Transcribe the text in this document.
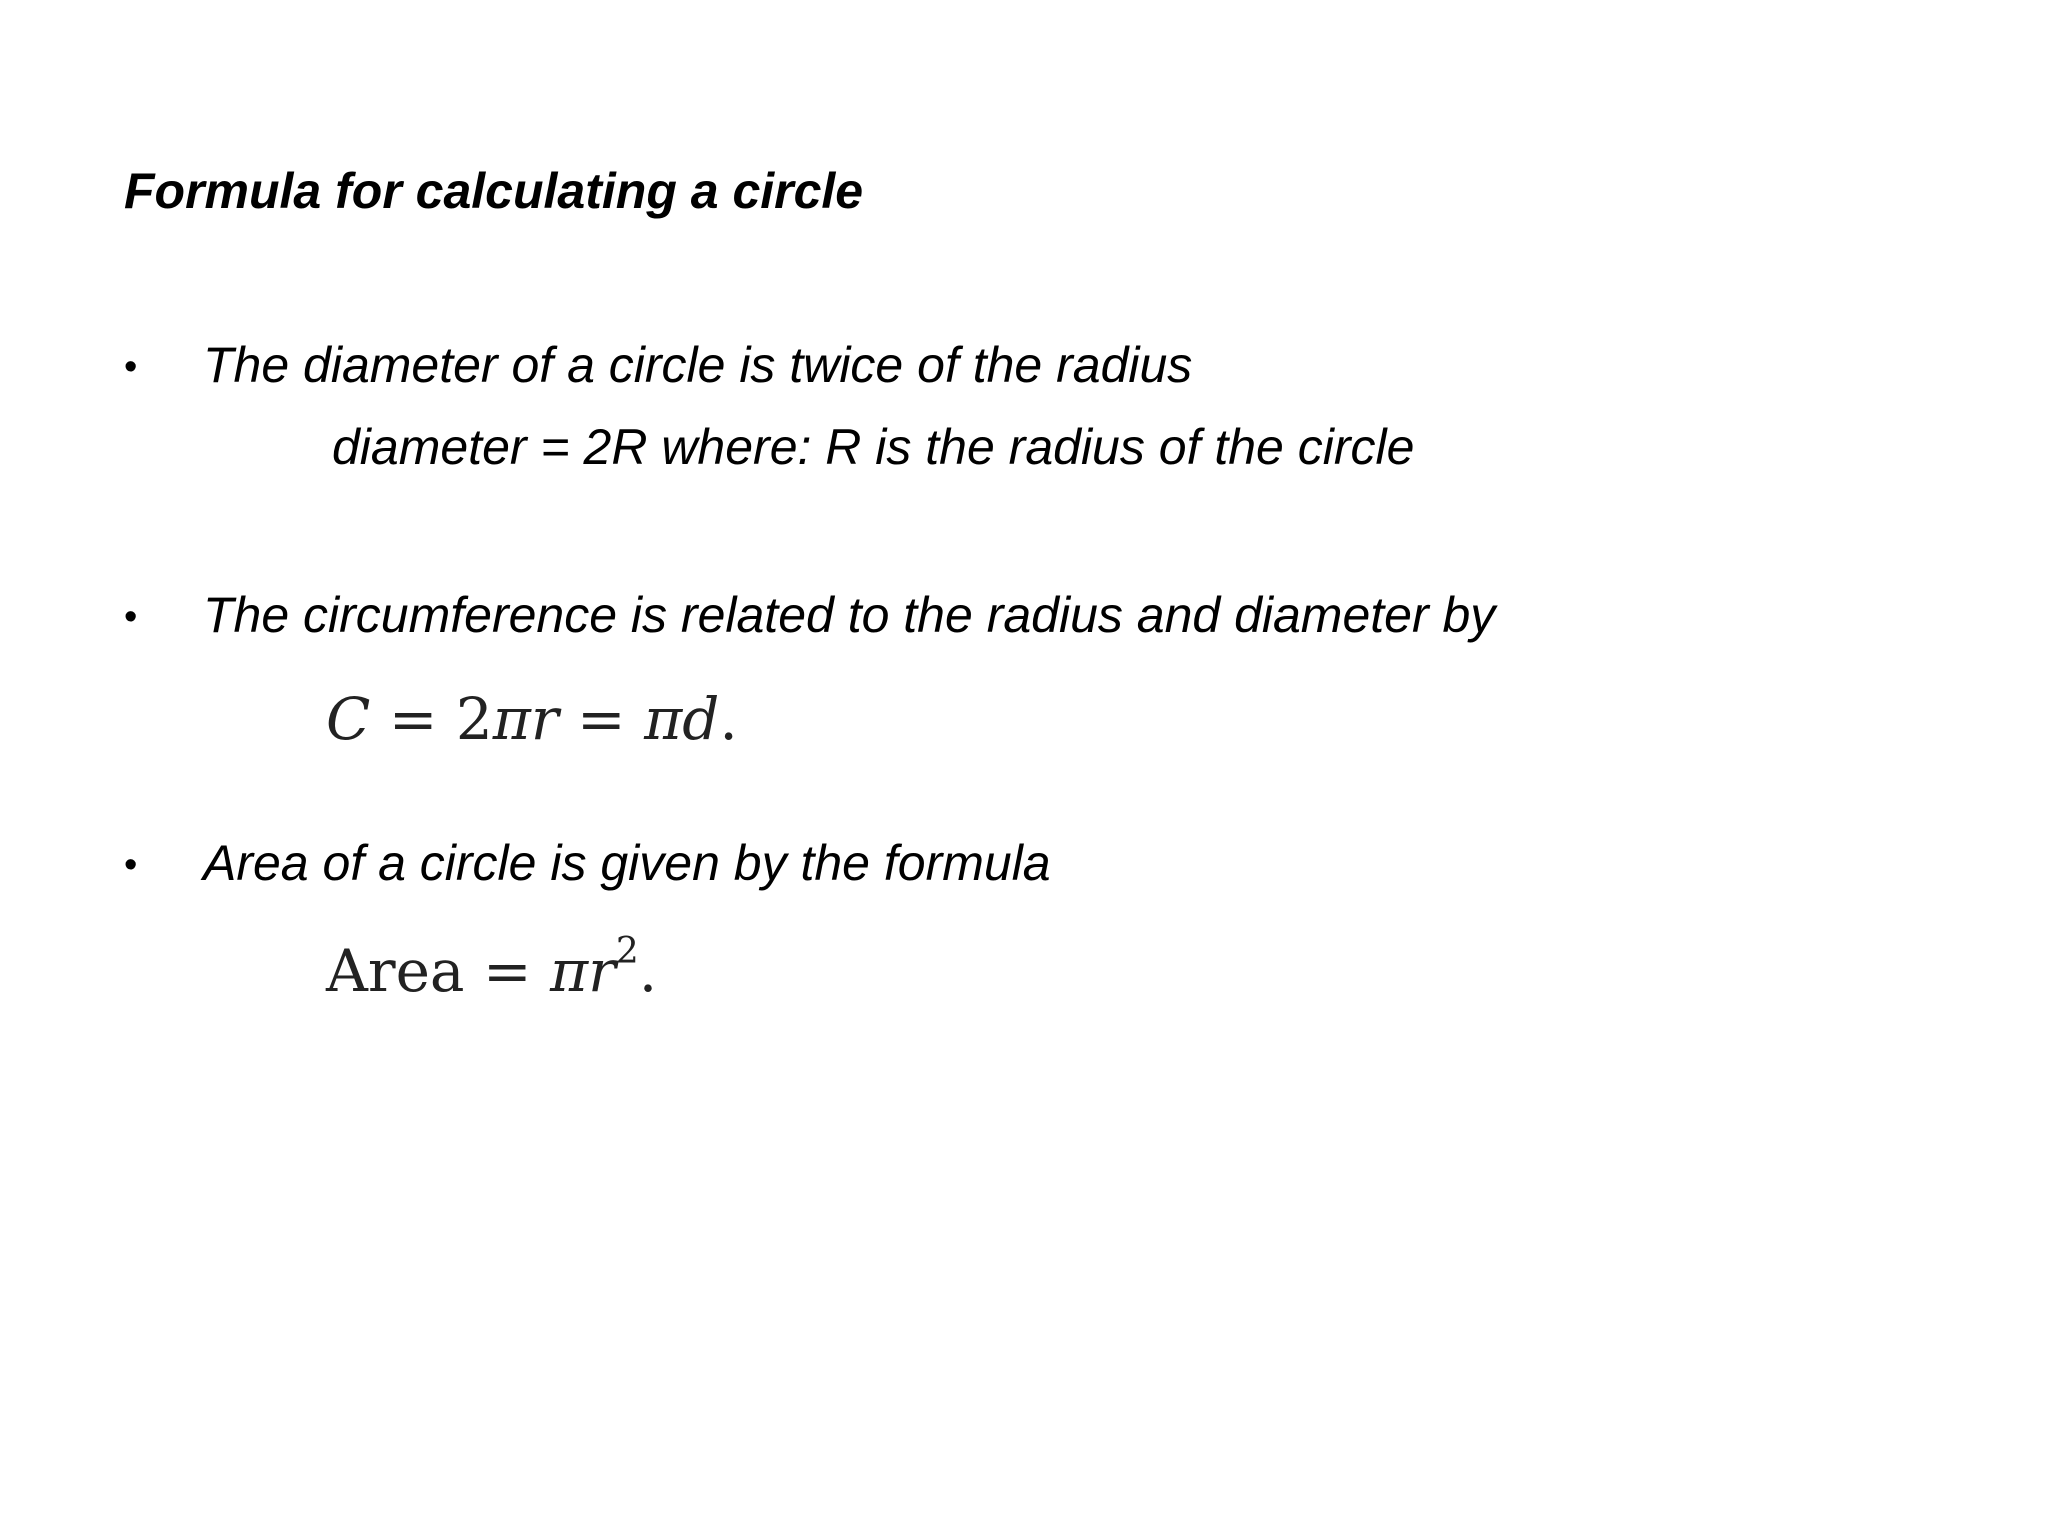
Formula for calculating a circle
• The diameter of a circle is twice of the radius
diameter = 2R where: R is the radius of the circle
• The circumference is related to the radius and diameter by
C = 2πr = πd.
• Area of a circle is given by the formula
Area = $\pi r^2$.
